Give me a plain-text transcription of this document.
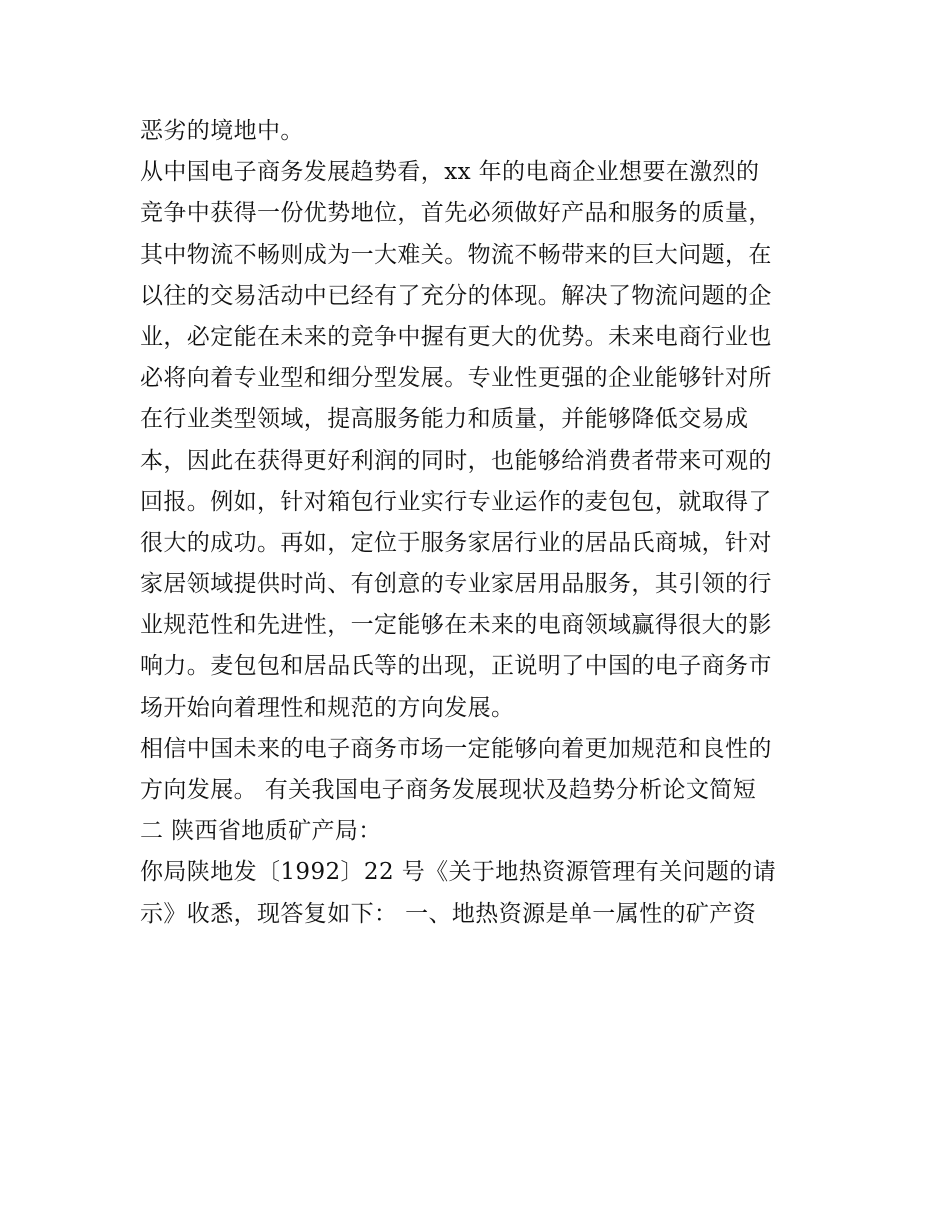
恶劣的境地中。
从中国电子商务发展趋势看，xx 年的电商企业想要在激烈的
竞争中获得一份优势地位，首先必须做好产品和服务的质量，
其中物流不畅则成为一大难关。物流不畅带来的巨大问题，在
以往的交易活动中已经有了充分的体现。解决了物流问题的企
业，必定能在未来的竞争中握有更大的优势。未来电商行业也
必将向着专业型和细分型发展。专业性更强的企业能够针对所
在行业类型领域，提高服务能力和质量，并能够降低交易成
本，因此在获得更好利润的同时，也能够给消费者带来可观的
回报。例如，针对箱包行业实行专业运作的麦包包，就取得了
很大的成功。再如，定位于服务家居行业的居品氏商城，针对
家居领域提供时尚、有创意的专业家居用品服务，其引领的行
业规范性和先进性，一定能够在未来的电商领域赢得很大的影
响力。麦包包和居品氏等的出现，正说明了中国的电子商务市
场开始向着理性和规范的方向发展。
相信中国未来的电子商务市场一定能够向着更加规范和良性的
方向发展。 有关我国电子商务发展现状及趋势分析论文简短
二 陕西省地质矿产局：
你局陕地发〔1992〕22 号《关于地热资源管理有关问题的请
示》收悉，现答复如下： 一、地热资源是单一属性的矿产资
